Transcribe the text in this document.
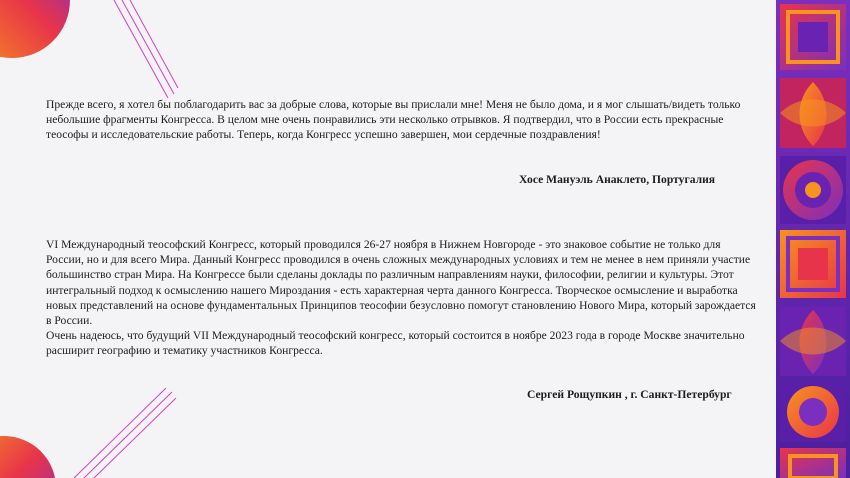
Прежде всего, я хотел бы поблагодарить вас за добрые слова, которые вы прислали мне! Меня не было дома, и я мог слышать/видеть только небольшие фрагменты Конгресса. В целом мне очень понравились эти несколько отрывков. Я подтвердил, что в России есть прекрасные теософы и исследовательские работы. Теперь, когда Конгресс успешно завершен, мои сердечные поздравления!

Хосе Мануэль Анаклето, Португалия
VI Международный теософский Конгресс, который проводился 26-27 ноября в Нижнем Новгороде - это знаковое событие не только для России, но и для всего Мира. Данный Конгресс проводился в очень сложных международных условиях и тем не менее в нем приняли участие большинство стран Мира. На Конгрессе были сделаны доклады по различным направлениям науки, философии, религии и культуры. Этот интегральный подход к осмыслению нашего Мироздания - есть характерная черта данного Конгресса. Творческое осмысление и выработка новых представлений на основе фундаментальных Принципов теософии безусловно помогут становлению Нового Мира, который зарождается в России.
Очень надеюсь, что будущий VII Международный теософский конгресс, который состоится в ноябре 2023 года в городе Москве значительно расширит географию и тематику участников Конгресса.
Сергей Рощупкин , г. Санкт-Петербург
